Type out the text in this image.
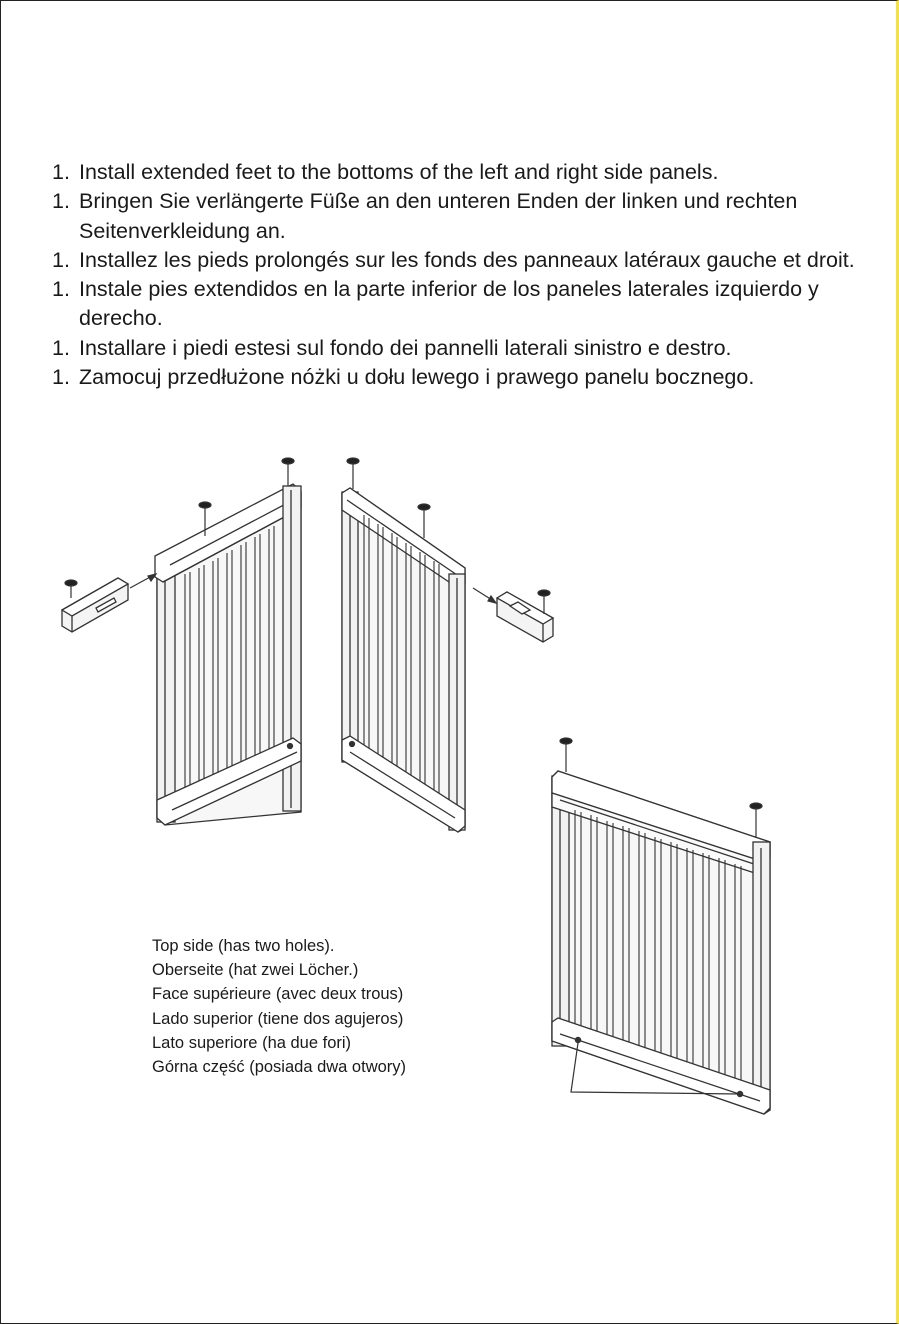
1. Install extended feet to the bottoms of the left and right side panels.
1. Bringen Sie verlängerte Füße an den unteren Enden der linken und rechten Seitenverkleidung an.
1. Installez les pieds prolongés sur les fonds des panneaux latéraux gauche et droit.
1. Instale pies extendidos en la parte inferior de los paneles laterales izquierdo y derecho.
1. Installare i piedi estesi sul fondo dei pannelli laterali sinistro e destro.
1. Zamocuj przedłużone nóżki u dołu lewego i prawego panelu bocznego.
Top side (has two holes).
Oberseite (hat zwei Löcher.)
Face supérieure (avec deux trous)
Lado superior (tiene dos agujeros)
Lato superiore (ha due fori)
Górna część (posiada dwa otwory)
